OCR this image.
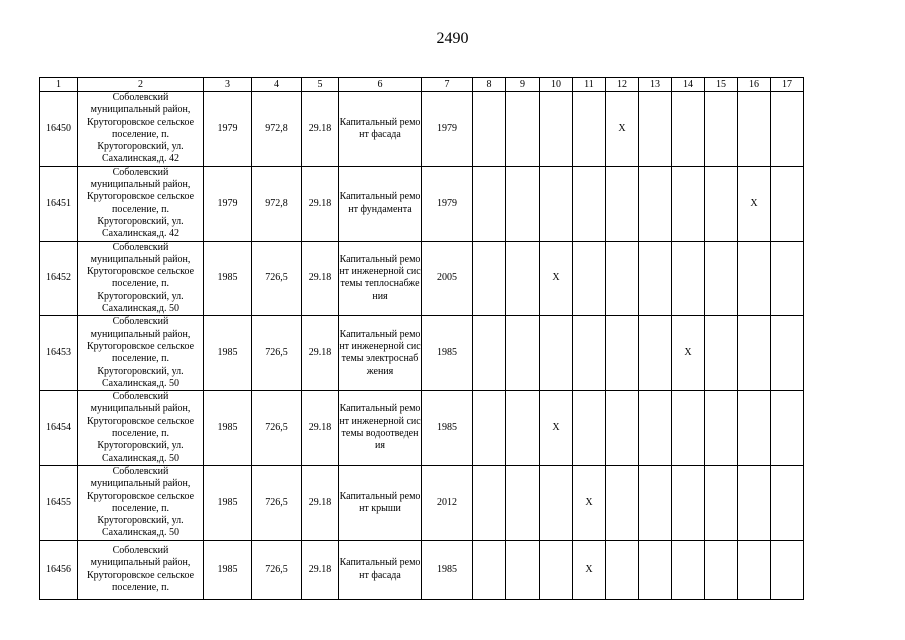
2490
1	2	3	4	5	6	7	8	9	10	11	12	13	14	15	16	17
16450	Соболевский муниципальный район, Крутогоровское сельское поселение, п. Крутогоровский, ул. Сахалинская,д. 42	1979	972,8	29.18	Капитальный ремонт фасада	1979					X					
16451	Соболевский муниципальный район, Крутогоровское сельское поселение, п. Крутогоровский, ул. Сахалинская,д. 42	1979	972,8	29.18	Капитальный ремонт фундамента	1979									X	
16452	Соболевский муниципальный район, Крутогоровское сельское поселение, п. Крутогоровский, ул. Сахалинская,д. 50	1985	726,5	29.18	Капитальный ремонт инженерной системы теплоснабжения	2005			X							
16453	Соболевский муниципальный район, Крутогоровское сельское поселение, п. Крутогоровский, ул. Сахалинская,д. 50	1985	726,5	29.18	Капитальный ремонт инженерной системы электроснабжения	1985							X			
16454	Соболевский муниципальный район, Крутогоровское сельское поселение, п. Крутогоровский, ул. Сахалинская,д. 50	1985	726,5	29.18	Капитальный ремонт инженерной системы водоотведения	1985			X							
16455	Соболевский муниципальный район, Крутогоровское сельское поселение, п. Крутогоровский, ул. Сахалинская,д. 50	1985	726,5	29.18	Капитальный ремонт крыши	2012				X						
16456	Соболевский муниципальный район, Крутогоровское сельское поселение, п.	1985	726,5	29.18	Капитальный ремонт фасада	1985				X						
